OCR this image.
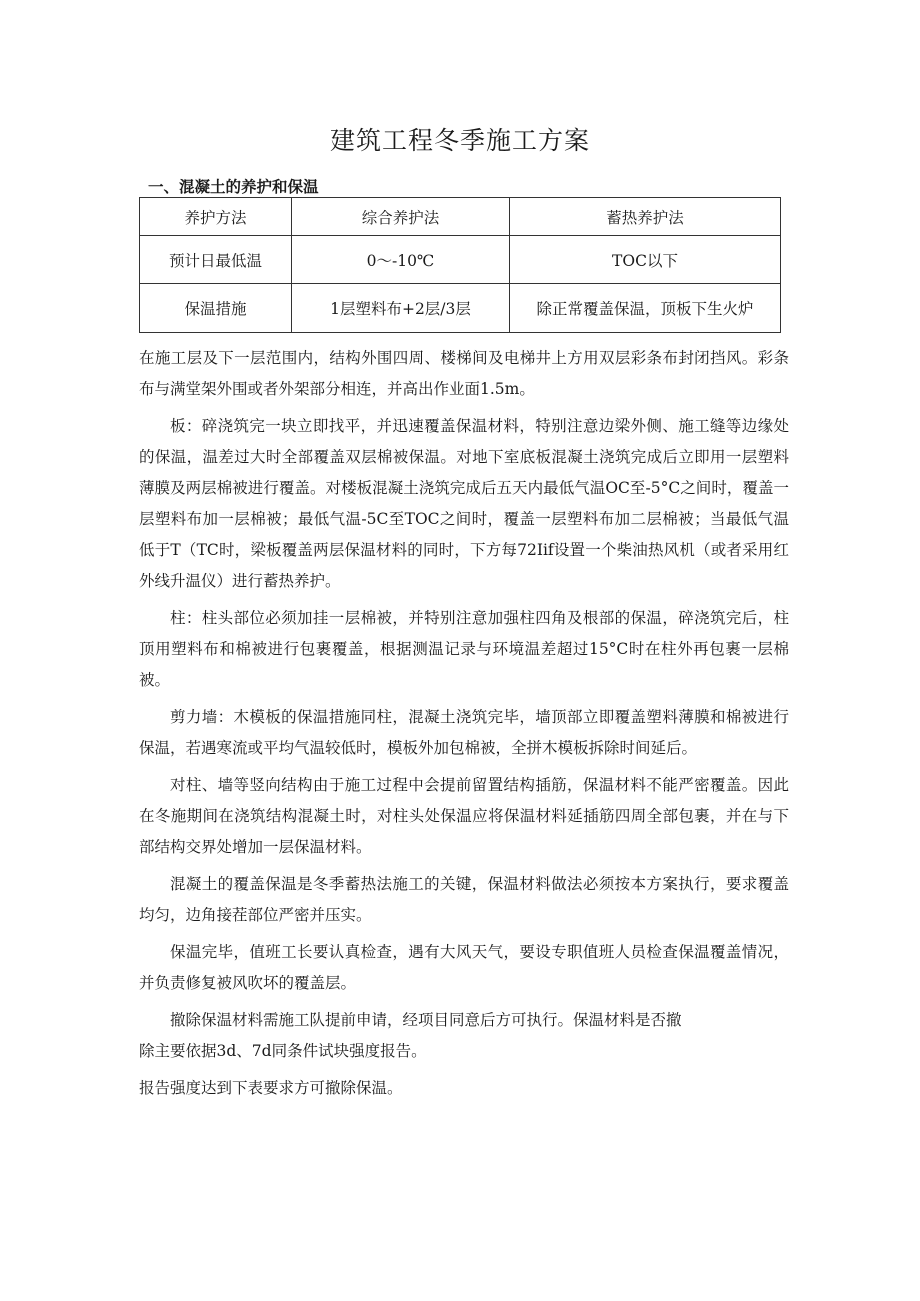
建筑工程冬季施工方案
一、混凝土的养护和保温
养护方法	综合养护法	蓄热养护法
预计日最低温	0～-10℃	TOC以下
保温措施	1层塑料布+2层/3层	除正常覆盖保温，顶板下生火炉

在施工层及下一层范围内，结构外围四周、楼梯间及电梯井上方用双层彩条布封闭挡风。彩条布与满堂架外围或者外架部分相连，并高出作业面1.5m。

板：碎浇筑完一块立即找平，并迅速覆盖保温材料，特别注意边梁外侧、施工缝等边缘处的保温，温差过大时全部覆盖双层棉被保温。对地下室底板混凝土浇筑完成后立即用一层塑料薄膜及两层棉被进行覆盖。对楼板混凝土浇筑完成后五天内最低气温OC至-5°C之间时，覆盖一层塑料布加一层棉被；最低气温-5C至TOC之间时，覆盖一层塑料布加二层棉被；当最低气温低于T（TC时，梁板覆盖两层保温材料的同时，下方每72Iif设置一个柴油热风机（或者采用红外线升温仪）进行蓄热养护。

柱：柱头部位必须加挂一层棉被，并特别注意加强柱四角及根部的保温，碎浇筑完后，柱顶用塑料布和棉被进行包裹覆盖，根据测温记录与环境温差超过15°C时在柱外再包裹一层棉被。

剪力墙：木模板的保温措施同柱，混凝土浇筑完毕，墙顶部立即覆盖塑料薄膜和棉被进行保温，若遇寒流或平均气温较低时，模板外加包棉被，全拼木模板拆除时间延后。

对柱、墙等竖向结构由于施工过程中会提前留置结构插筋，保温材料不能严密覆盖。因此在冬施期间在浇筑结构混凝土时，对柱头处保温应将保温材料延插筋四周全部包裹，并在与下部结构交界处增加一层保温材料。

混凝土的覆盖保温是冬季蓄热法施工的关键，保温材料做法必须按本方案执行，要求覆盖均匀，边角接茬部位严密并压实。

保温完毕，值班工长要认真检查，遇有大风天气，要设专职值班人员检查保温覆盖情况，并负责修复被风吹坏的覆盖层。

撤除保温材料需施工队提前申请，经项目同意后方可执行。保温材料是否撤

除主要依据3d、7d同条件试块强度报告。

报告强度达到下表要求方可撤除保温。
